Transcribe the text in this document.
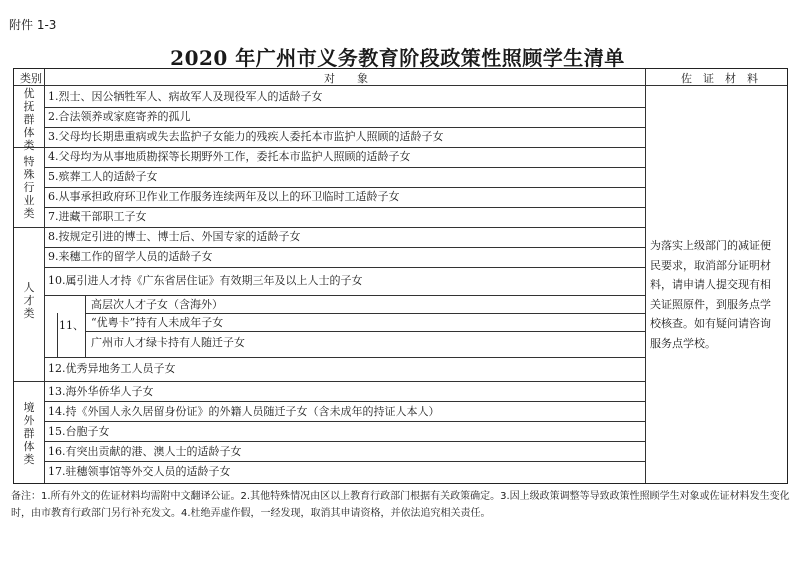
附件 1-3
2020 年广州市义务教育阶段政策性照顾学生清单
类别	对　　象	佐　证　材　料
优
抚
群
体
类
特
殊
行
业
类
人
才
类
境
外
群
体
类
1.烈士、因公牺牲军人、病故军人及现役军人的适龄子女
2.合法领养或家庭寄养的孤儿
3.父母均长期患重病或失去监护子女能力的残疾人委托本市监护人照顾的适龄子女
4.父母均为从事地质勘探等长期野外工作，委托本市监护人照顾的适龄子女
5.殡葬工人的适龄子女
6.从事承担政府环卫作业工作服务连续两年及以上的环卫临时工适龄子女
7.进藏干部职工子女
8.按规定引进的博士、博士后、外国专家的适龄子女
9.来穗工作的留学人员的适龄子女
10.属引进人才持《广东省居住证》有效期三年及以上人士的子女
11、
高层次人才子女（含海外）
“优粤卡”持有人未成年子女
广州市人才绿卡持有人随迁子女
12.优秀异地务工人员子女
13.海外华侨华人子女
14.持《外国人永久居留身份证》的外籍人员随迁子女（含未成年的持证人本人）
15.台胞子女
16.有突出贡献的港、澳人士的适龄子女
17.驻穗领事馆等外交人员的适龄子女
为落实上级部门的减证便民要求，取消部分证明材料，请申请人提交现有相关证照原件，到服务点学校核查。如有疑问请咨询服务点学校。
备注：1.所有外文的佐证材料均需附中文翻译公证。2.其他特殊情况由区以上教育行政部门根据有关政策确定。3.因上级政策调整等导致政策性照顾学生对象或佐证材料发生变化时，由市教育行政部门另行补充发文。4.杜绝弄虚作假，一经发现，取消其申请资格，并依法追究相关责任。
